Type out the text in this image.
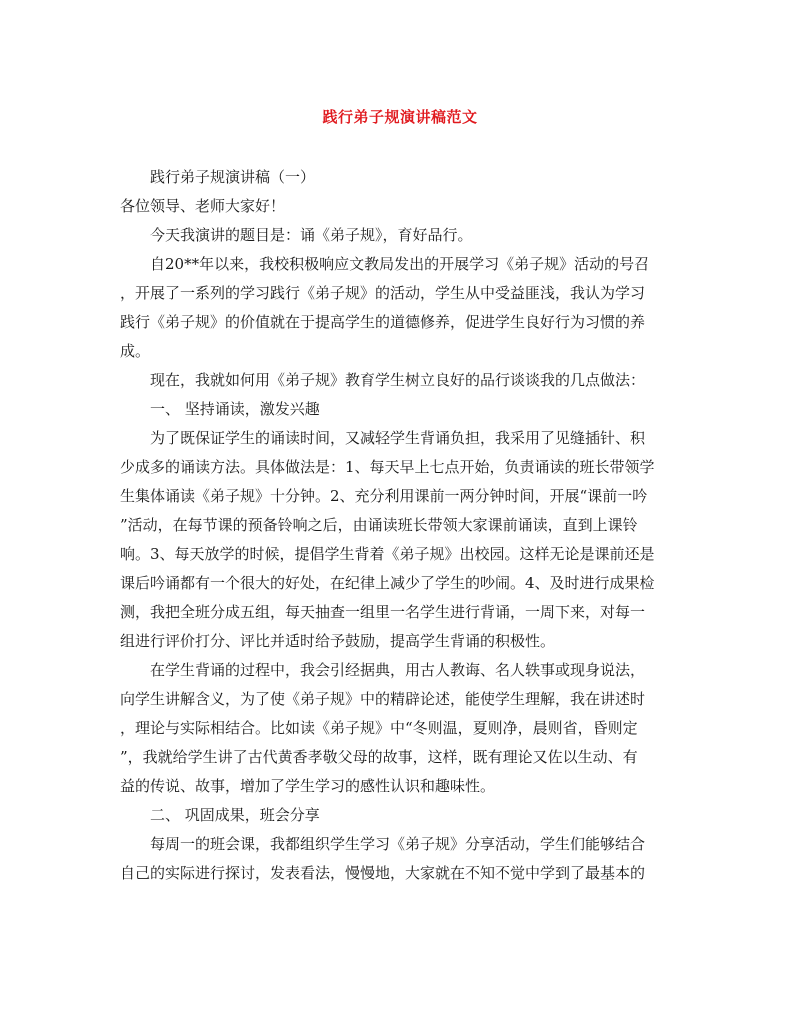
践行弟子规演讲稿范文
践行弟子规演讲稿（一）
各位领导、老师大家好！
今天我演讲的题目是：诵《弟子规》，育好品行。
自20**年以来，我校积极响应文教局发出的开展学习《弟子规》活动的号召
，开展了一系列的学习践行《弟子规》的活动，学生从中受益匪浅，我认为学习
践行《弟子规》的价值就在于提高学生的道德修养，促进学生良好行为习惯的养
成。
现在，我就如何用《弟子规》教育学生树立良好的品行谈谈我的几点做法：
一、 坚持诵读，激发兴趣
为了既保证学生的诵读时间，又减轻学生背诵负担，我采用了见缝插针、积
少成多的诵读方法。具体做法是：1、每天早上七点开始，负责诵读的班长带领学
生集体诵读《弟子规》十分钟。2、充分利用课前一两分钟时间，开展“课前一吟
”活动，在每节课的预备铃响之后，由诵读班长带领大家课前诵读，直到上课铃
响。3、每天放学的时候，提倡学生背着《弟子规》出校园。这样无论是课前还是
课后吟诵都有一个很大的好处，在纪律上减少了学生的吵闹。4、及时进行成果检
测，我把全班分成五组，每天抽查一组里一名学生进行背诵，一周下来，对每一
组进行评价打分、评比并适时给予鼓励，提高学生背诵的积极性。
在学生背诵的过程中，我会引经据典，用古人教诲、名人轶事或现身说法，
向学生讲解含义，为了使《弟子规》中的精辟论述，能使学生理解，我在讲述时
，理论与实际相结合。比如读《弟子规》中“冬则温，夏则净，晨则省，昏则定
”，我就给学生讲了古代黄香孝敬父母的故事，这样，既有理论又佐以生动、有
益的传说、故事，增加了学生学习的感性认识和趣味性。
二、 巩固成果，班会分享
每周一的班会课，我都组织学生学习《弟子规》分享活动，学生们能够结合
自己的实际进行探讨，发表看法，慢慢地，大家就在不知不觉中学到了最基本的
